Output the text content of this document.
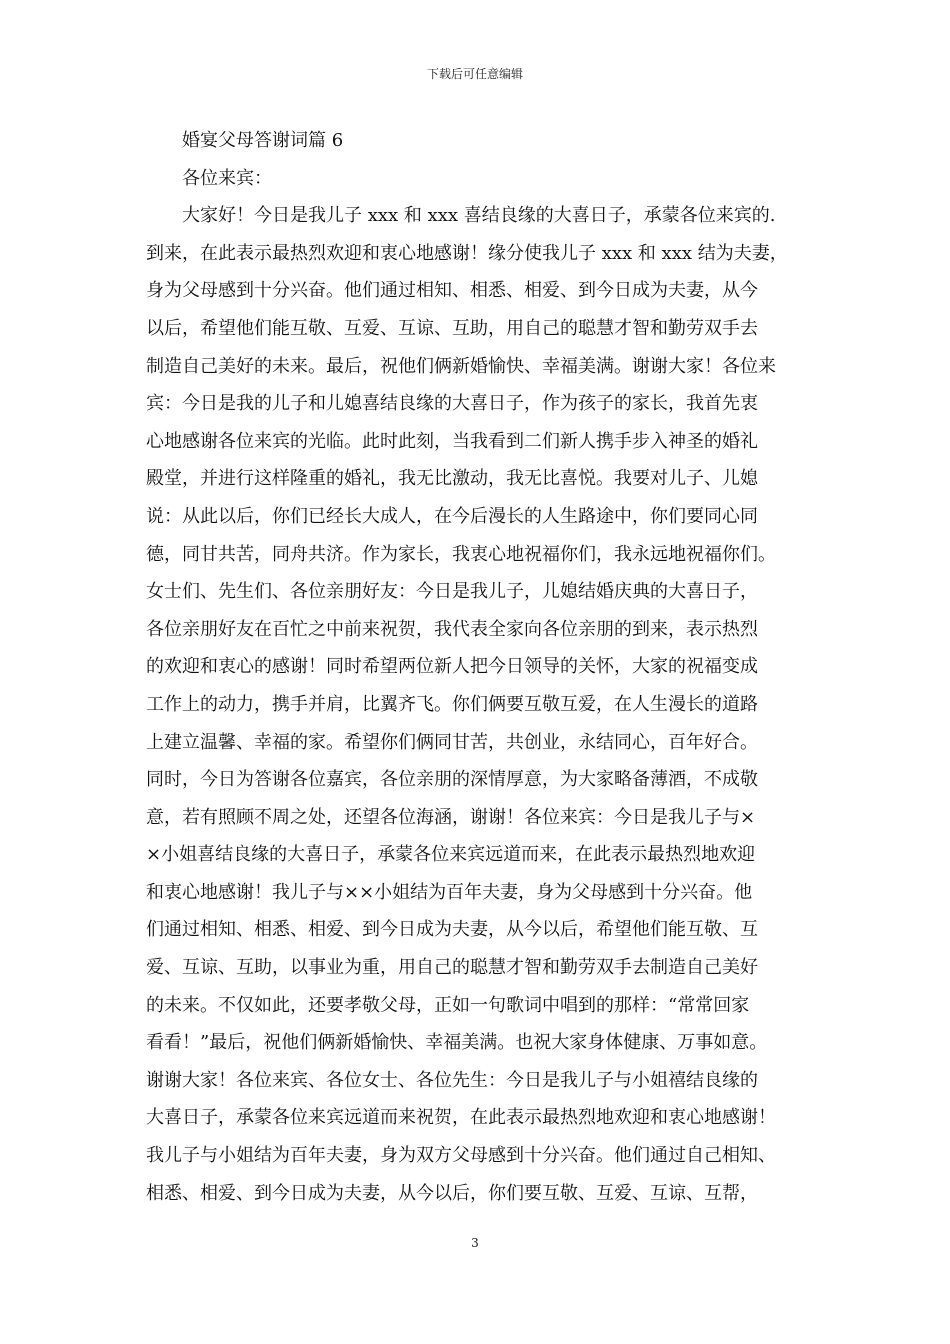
下载后可任意编辑
婚宴父母答谢词篇 6
各位来宾：
大家好！今日是我儿子 xxx 和 xxx 喜结良缘的大喜日子，承蒙各位来宾的.
到来，在此表示最热烈欢迎和衷心地感谢！缘分使我儿子 xxx 和 xxx 结为夫妻，
身为父母感到十分兴奋。他们通过相知、相悉、相爱、到今日成为夫妻，从今
以后，希望他们能互敬、互爱、互谅、互助，用自己的聪慧才智和勤劳双手去
制造自己美好的未来。最后，祝他们俩新婚愉快、幸福美满。谢谢大家！各位来
宾：今日是我的儿子和儿媳喜结良缘的大喜日子，作为孩子的家长，我首先衷
心地感谢各位来宾的光临。此时此刻，当我看到二们新人携手步入神圣的婚礼
殿堂，并进行这样隆重的婚礼，我无比激动，我无比喜悦。我要对儿子、儿媳
说：从此以后，你们已经长大成人，在今后漫长的人生路途中，你们要同心同
德，同甘共苦，同舟共济。作为家长，我衷心地祝福你们，我永远地祝福你们。
女士们、先生们、各位亲朋好友：今日是我儿子，儿媳结婚庆典的大喜日子，
各位亲朋好友在百忙之中前来祝贺，我代表全家向各位亲朋的到来，表示热烈
的欢迎和衷心的感谢！同时希望两位新人把今日领导的关怀，大家的祝福变成
工作上的动力，携手并肩，比翼齐飞。你们俩要互敬互爱，在人生漫长的道路
上建立温馨、幸福的家。希望你们俩同甘苦，共创业，永结同心，百年好合。
同时，今日为答谢各位嘉宾，各位亲朋的深情厚意，为大家略备薄酒，不成敬
意，若有照顾不周之处，还望各位海涵，谢谢！各位来宾：今日是我儿子与×
×小姐喜结良缘的大喜日子，承蒙各位来宾远道而来，在此表示最热烈地欢迎
和衷心地感谢！我儿子与××小姐结为百年夫妻，身为父母感到十分兴奋。他
们通过相知、相悉、相爱、到今日成为夫妻，从今以后，希望他们能互敬、互
爱、互谅、互助，以事业为重，用自己的聪慧才智和勤劳双手去制造自己美好
的未来。不仅如此，还要孝敬父母，正如一句歌词中唱到的那样：“常常回家
看看！”最后，祝他们俩新婚愉快、幸福美满。也祝大家身体健康、万事如意。
谢谢大家！各位来宾、各位女士、各位先生：今日是我儿子与小姐禧结良缘的
大喜日子，承蒙各位来宾远道而来祝贺，在此表示最热烈地欢迎和衷心地感谢！
我儿子与小姐结为百年夫妻，身为双方父母感到十分兴奋。他们通过自己相知、
相悉、相爱、到今日成为夫妻，从今以后，你们要互敬、互爱、互谅、互帮，
3
